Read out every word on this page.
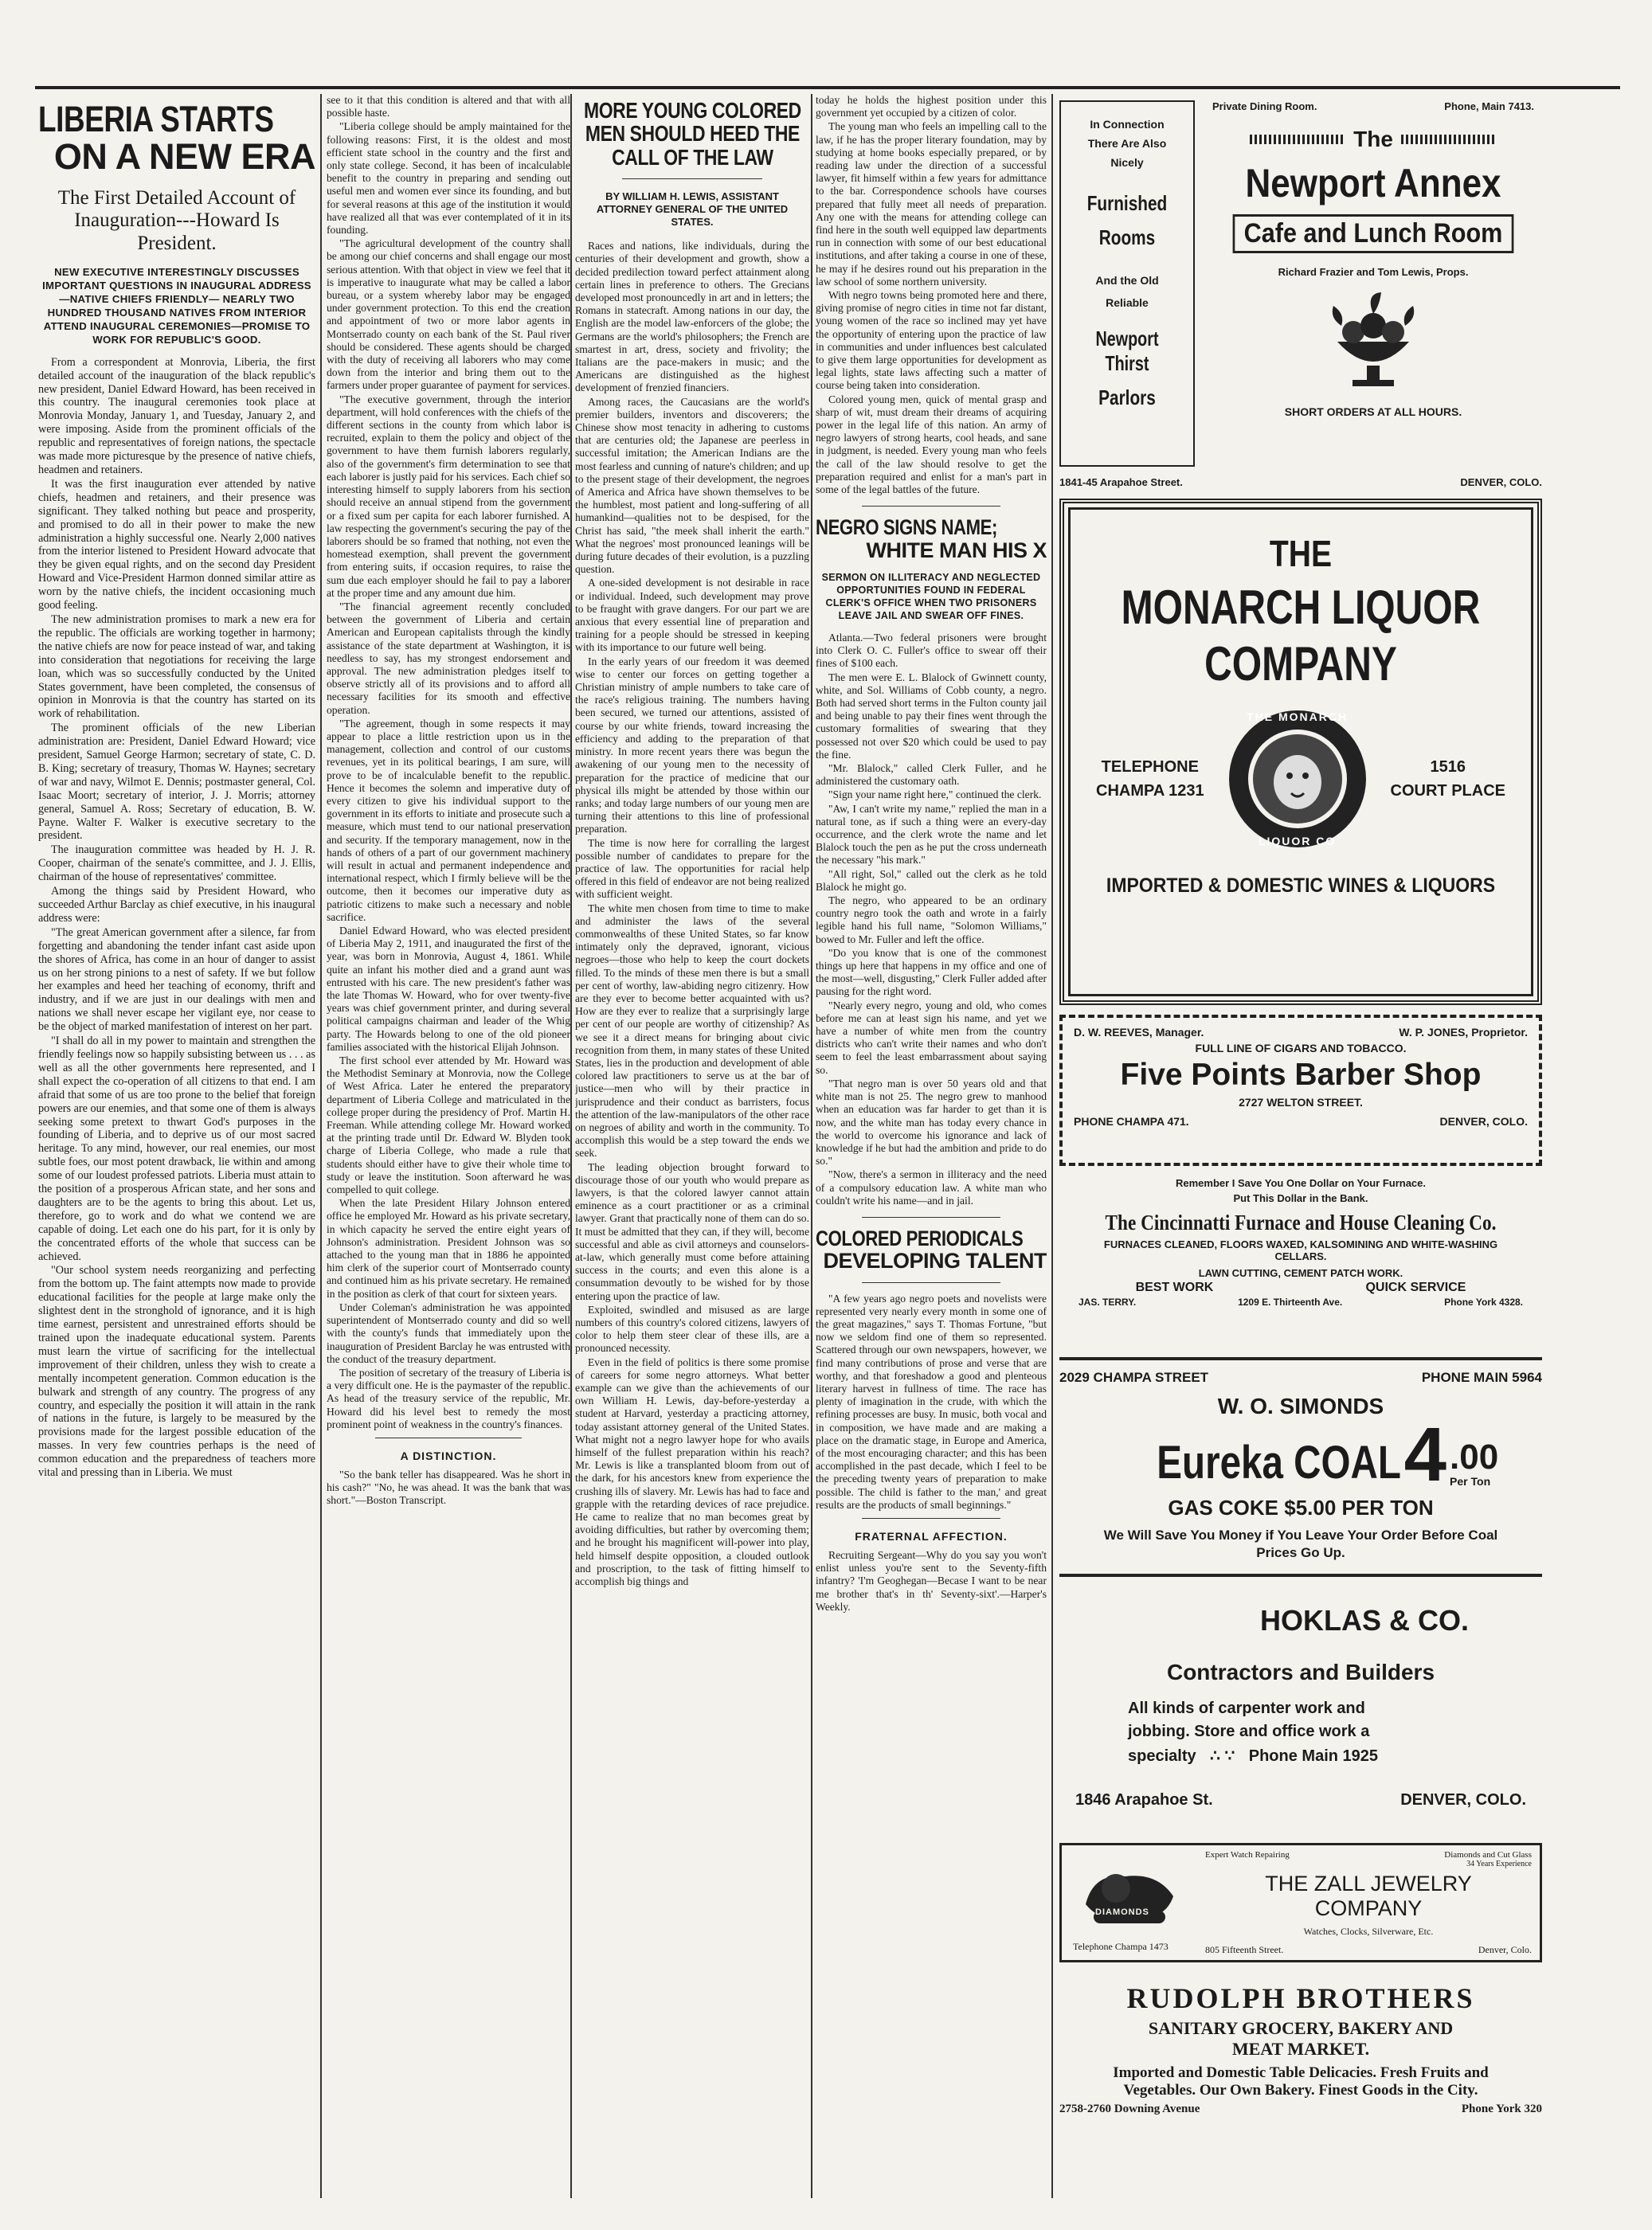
LIBERIA STARTS
ON A NEW ERA
The First Detailed Account of Inauguration---Howard Is President.
NEW EXECUTIVE INTERESTINGLY DISCUSSES IMPORTANT QUESTIONS IN INAUGURAL ADDRESS —NATIVE CHIEFS FRIENDLY— NEARLY TWO HUNDRED THOUSAND NATIVES FROM INTERIOR ATTEND INAUGURAL CEREMONIES—PROMISE TO WORK FOR REPUBLIC'S GOOD.

From a correspondent at Monrovia, Liberia, the first detailed account of the inauguration of the black republic's new president, Daniel Edward Howard, has been received in this country. The inaugural ceremonies took place at Monrovia Monday, January 1, and Tuesday, January 2, and were imposing. Aside from the prominent officials of the republic and representatives of foreign nations, the spectacle was made more picturesque by the presence of native chiefs, headmen and retainers.

It was the first inauguration ever attended by native chiefs, headmen and retainers, and their presence was significant. They talked nothing but peace and prosperity, and promised to do all in their power to make the new administration a highly successful one. Nearly 2,000 natives from the interior listened to President Howard advocate that they be given equal rights, and on the second day President Howard and Vice-President Harmon donned similar attire as worn by the native chiefs, the incident occasioning much good feeling.

The new administration promises to mark a new era for the republic. The officials are working together in harmony; the native chiefs are now for peace instead of war, and taking into consideration that negotiations for receiving the large loan, which was so successfully conducted by the United States government, have been completed, the consensus of opinion in Monrovia is that the country has started on its work of rehabilitation.

The prominent officials of the new Liberian administration are: President, Daniel Edward Howard; vice president, Samuel George Harmon; secretary of state, C. D. B. King; secretary of treasury, Thomas W. Haynes; secretary of war and navy, Wilmot E. Dennis; postmaster general, Col. Isaac Moort; secretary of interior, J. J. Morris; attorney general, Samuel A. Ross; Secretary of education, B. W. Payne. Walter F. Walker is executive secretary to the president.

The inauguration committee was headed by H. J. R. Cooper, chairman of the senate's committee, and J. J. Ellis, chairman of the house of representatives' committee.

Among the things said by President Howard, who succeeded Arthur Barclay as chief executive, in his inaugural address were:

"The great American government after a silence, far from forgetting and abandoning the tender infant cast aside upon the shores of Africa, has come in an hour of danger to assist us on her strong pinions to a nest of safety. If we but follow her examples and heed her teaching of economy, thrift and industry, and if we are just in our dealings with men and nations we shall never escape her vigilant eye, nor cease to be the object of marked manifestation of interest on her part.

"I shall do all in my power to maintain and strengthen the friendly feelings now so happily subsisting between us . . . as well as all the other governments here represented, and I shall expect the co-operation of all citizens to that end. I am afraid that some of us are too prone to the belief that foreign powers are our enemies, and that some one of them is always seeking some pretext to thwart God's purposes in the founding of Liberia, and to deprive us of our most sacred heritage. To any mind, however, our real enemies, our most subtle foes, our most potent drawback, lie within and among some of our loudest professed patriots. Liberia must attain to the position of a prosperous African state, and her sons and daughters are to be the agents to bring this about. Let us, therefore, go to work and do what we contend we are capable of doing. Let each one do his part, for it is only by the concentrated efforts of the whole that success can be achieved.

"Our school system needs reorganizing and perfecting from the bottom up. The faint attempts now made to provide educational facilities for the people at large make only the slightest dent in the stronghold of ignorance, and it is high time earnest, persistent and unrestrained efforts should be trained upon the inadequate educational system. Parents must learn the virtue of sacrificing for the intellectual improvement of their children, unless they wish to create a mentally incompetent generation. Common education is the bulwark and strength of any country. The progress of any country, and especially the position it will attain in the rank of nations in the future, is largely to be measured by the provisions made for the largest possible education of the masses. In very few countries perhaps is the need of common education and the preparedness of teachers more vital and pressing than in Liberia. We must

see to it that this condition is altered and that with all possible haste.

"Liberia college should be amply maintained for the following reasons: First, it is the oldest and most efficient state school in the country and the first and only state college. Second, it has been of incalculable benefit to the country in preparing and sending out useful men and women ever since its founding, and but for several reasons at this age of the institution it would have realized all that was ever contemplated of it in its founding.

"The agricultural development of the country shall be among our chief concerns and shall engage our most serious attention. With that object in view we feel that it is imperative to inaugurate what may be called a labor bureau, or a system whereby labor may be engaged under government protection. To this end the creation and appointment of two or more labor agents in Montserrado county on each bank of the St. Paul river should be considered. These agents should be charged with the duty of receiving all laborers who may come down from the interior and bring them out to the farmers under proper guarantee of payment for services.

"The executive government, through the interior department, will hold conferences with the chiefs of the different sections in the county from which labor is recruited, explain to them the policy and object of the government to have them furnish laborers regularly, also of the government's firm determination to see that each laborer is justly paid for his services. Each chief so interesting himself to supply laborers from his section should receive an annual stipend from the government or a fixed sum per capita for each laborer furnished. A law respecting the government's securing the pay of the laborers should be so framed that nothing, not even the homestead exemption, shall prevent the government from entering suits, if occasion requires, to raise the sum due each employer should he fail to pay a laborer at the proper time and any amount due him.

"The financial agreement recently concluded between the government of Liberia and certain American and European capitalists through the kindly assistance of the state department at Washington, it is needless to say, has my strongest endorsement and approval. The new administration pledges itself to observe strictly all of its provisions and to afford all necessary facilities for its smooth and effective operation.

"The agreement, though in some respects it may appear to place a little restriction upon us in the management, collection and control of our customs revenues, yet in its political bearings, I am sure, will prove to be of incalculable benefit to the republic. Hence it becomes the solemn and imperative duty of every citizen to give his individual support to the government in its efforts to initiate and prosecute such a measure, which must tend to our national preservation and security. If the temporary management, now in the hands of others of a part of our government machinery will result in actual and permanent independence and international respect, which I firmly believe will be the outcome, then it becomes our imperative duty as patriotic citizens to make such a necessary and noble sacrifice.

Daniel Edward Howard, who was elected president of Liberia May 2, 1911, and inaugurated the first of the year, was born in Monrovia, August 4, 1861. While quite an infant his mother died and a grand aunt was entrusted with his care. The new president's father was the late Thomas W. Howard, who for over twenty-five years was chief government printer, and during several political campaigns chairman and leader of the Whig party. The Howards belong to one of the old pioneer families associated with the historical Elijah Johnson.

The first school ever attended by Mr. Howard was the Methodist Seminary at Monrovia, now the College of West Africa. Later he entered the preparatory department of Liberia College and matriculated in the college proper during the presidency of Prof. Martin H. Freeman. While attending college Mr. Howard worked at the printing trade until Dr. Edward W. Blyden took charge of Liberia College, who made a rule that students should either have to give their whole time to study or leave the institution. Soon afterward he was compelled to quit college.

When the late President Hilary Johnson entered office he employed Mr. Howard as his private secretary, in which capacity he served the entire eight years of Johnson's administration. President Johnson was so attached to the young man that in 1886 he appointed him clerk of the superior court of Montserrado county and continued him as his private secretary. He remained in the position as clerk of that court for sixteen years.

Under Coleman's administration he was appointed superintendent of Montserrado county and did so well with the county's funds that immediately upon the inauguration of President Barclay he was entrusted with the conduct of the treasury department.

The position of secretary of the treasury of Liberia is a very difficult one. He is the paymaster of the republic. As head of the treasury service of the republic, Mr. Howard did his level best to remedy the most prominent point of weakness in the country's finances.

A DISTINCTION.

"So the bank teller has disappeared. Was he short in his cash?" "No, he was ahead. It was the bank that was short."—Boston Transcript.

MORE YOUNG COLORED MEN SHOULD HEED THE CALL OF THE LAW
BY WILLIAM H. LEWIS, ASSISTANT ATTORNEY GENERAL OF THE UNITED STATES.

Races and nations, like individuals, during the centuries of their development and growth, show a decided predilection toward perfect attainment along certain lines in preference to others. The Grecians developed most pronouncedly in art and in letters; the Romans in statecraft. Among nations in our day, the English are the model law-enforcers of the globe; the Germans are the world's philosophers; the French are smartest in art, dress, society and frivolity; the Italians are the pace-makers in music; and the Americans are distinguished as the highest development of frenzied financiers.

Among races, the Caucasians are the world's premier builders, inventors and discoverers; the Chinese show most tenacity in adhering to customs that are centuries old; the Japanese are peerless in successful imitation; the American Indians are the most fearless and cunning of nature's children; and up to the present stage of their development, the negroes of America and Africa have shown themselves to be the humblest, most patient and long-suffering of all humankind—qualities not to be despised, for the Christ has said, "the meek shall inherit the earth." What the negroes' most pronounced leanings will be during future decades of their evolution, is a puzzling question.

A one-sided development is not desirable in race or individual. Indeed, such development may prove to be fraught with grave dangers. For our part we are anxious that every essential line of preparation and training for a people should be stressed in keeping with its importance to our future well being.

In the early years of our freedom it was deemed wise to center our forces on getting together a Christian ministry of ample numbers to take care of the race's religious training. The numbers having been secured, we turned our attentions, assisted of course by our white friends, toward increasing the efficiency and adding to the preparation of that ministry. In more recent years there was begun the awakening of our young men to the necessity of preparation for the practice of medicine that our physical ills might be attended by those within our ranks; and today large numbers of our young men are turning their attentions to this line of professional preparation.

The time is now here for corralling the largest possible number of candidates to prepare for the practice of law. The opportunities for racial help offered in this field of endeavor are not being realized with sufficient weight.

The white men chosen from time to time to make and administer the laws of the several commonwealths of these United States, so far know intimately only the depraved, ignorant, vicious negroes—those who help to keep the court dockets filled. To the minds of these men there is but a small per cent of worthy, law-abiding negro citizenry. How are they ever to become better acquainted with us? How are they ever to realize that a surprisingly large per cent of our people are worthy of citizenship? As we see it a direct means for bringing about civic recognition from them, in many states of these United States, lies in the production and development of able colored law practitioners to serve us at the bar of justice—men who will by their practice in jurisprudence and their conduct as barristers, focus the attention of the law-manipulators of the other race on negroes of ability and worth in the community. To accomplish this would be a step toward the ends we seek.

The leading objection brought forward to discourage those of our youth who would prepare as lawyers, is that the colored lawyer cannot attain eminence as a court practitioner or as a criminal lawyer. Grant that practically none of them can do so. It must be admitted that they can, if they will, become successful and able as civil attorneys and counselors-at-law, which generally must come before attaining success in the courts; and even this alone is a consummation devoutly to be wished for by those entering upon the practice of law.

Exploited, swindled and misused as are large numbers of this country's colored citizens, lawyers of color to help them steer clear of these ills, are a pronounced necessity.

Even in the field of politics is there some promise of careers for some negro attorneys. What better example can we give than the achievements of our own William H. Lewis, day-before-yesterday a student at Harvard, yesterday a practicing attorney, today assistant attorney general of the United States. What might not a negro lawyer hope for who avails himself of the fullest preparation within his reach? Mr. Lewis is like a transplanted bloom from out of the dark, for his ancestors knew from experience the crushing ills of slavery. Mr. Lewis has had to face and grapple with the retarding devices of race prejudice. He came to realize that no man becomes great by avoiding difficulties, but rather by overcoming them; and he brought his magnificent will-power into play, held himself despite opposition, a clouded outlook and proscription, to the task of fitting himself to accomplish big things and

today he holds the highest position under this government yet occupied by a citizen of color.

The young man who feels an impelling call to the law, if he has the proper literary foundation, may by studying at home books especially prepared, or by reading law under the direction of a successful lawyer, fit himself within a few years for admittance to the bar. Correspondence schools have courses prepared that fully meet all needs of preparation. Any one with the means for attending college can find here in the south well equipped law departments run in connection with some of our best educational institutions, and after taking a course in one of these, he may if he desires round out his preparation in the law school of some northern university.

With negro towns being promoted here and there, giving promise of negro cities in time not far distant, young women of the race so inclined may yet have the opportunity of entering upon the practice of law in communities and under influences best calculated to give them large opportunities for development as legal lights, state laws affecting such a matter of course being taken into consideration.

Colored young men, quick of mental grasp and sharp of wit, must dream their dreams of acquiring power in the legal life of this nation. An army of negro lawyers of strong hearts, cool heads, and sane in judgment, is needed. Every young man who feels the call of the law should resolve to get the preparation required and enlist for a man's part in some of the legal battles of the future.

NEGRO SIGNS NAME;
WHITE MAN HIS X
SERMON ON ILLITERACY AND NEGLECTED OPPORTUNITIES FOUND IN FEDERAL CLERK'S OFFICE WHEN TWO PRISONERS LEAVE JAIL AND SWEAR OFF FINES.

Atlanta.—Two federal prisoners were brought into Clerk O. C. Fuller's office to swear off their fines of $100 each.

The men were E. L. Blalock of Gwinnett county, white, and Sol. Williams of Cobb county, a negro. Both had served short terms in the Fulton county jail and being unable to pay their fines went through the customary formalities of swearing that they possessed not over $20 which could be used to pay the fine.

"Mr. Blalock," called Clerk Fuller, and he administered the customary oath.

"Sign your name right here," continued the clerk.

"Aw, I can't write my name," replied the man in a natural tone, as if such a thing were an every-day occurrence, and the clerk wrote the name and let Blalock touch the pen as he put the cross underneath the necessary "his mark."

"All right, Sol," called out the clerk as he told Blalock he might go.

The negro, who appeared to be an ordinary country negro took the oath and wrote in a fairly legible hand his full name, "Solomon Williams," bowed to Mr. Fuller and left the office.

"Do you know that is one of the commonest things up here that happens in my office and one of the most—well, disgusting," Clerk Fuller added after pausing for the right word.

"Nearly every negro, young and old, who comes before me can at least sign his name, and yet we have a number of white men from the country districts who can't write their names and who don't seem to feel the least embarrassment about saying so.

"That negro man is over 50 years old and that white man is not 25. The negro grew to manhood when an education was far harder to get than it is now, and the white man has today every chance in the world to overcome his ignorance and lack of knowledge if he but had the ambition and pride to do so."

"Now, there's a sermon in illiteracy and the need of a compulsory education law. A white man who couldn't write his name—and in jail.

COLORED PERIODICALS
DEVELOPING TALENT

"A few years ago negro poets and novelists were represented very nearly every month in some one of the great magazines," says T. Thomas Fortune, "but now we seldom find one of them so represented. Scattered through our own newspapers, however, we find many contributions of prose and verse that are worthy, and that foreshadow a good and plenteous literary harvest in fullness of time. The race has plenty of imagination in the crude, with which the refining processes are busy. In music, both vocal and in composition, we have made and are making a place on the dramatic stage, in Europe and America, of the most encouraging character; and this has been accomplished in the past decade, which I feel to be the preceding twenty years of preparation to make possible. The child is father to the man,' and great results are the products of small beginnings."

FRATERNAL AFFECTION.

Recruiting Sergeant—Why do you say you won't enlist unless you're sent to the Seventy-fifth infantry? 'I'm Geoghegan—Becase I want to be near me brother that's in th' Seventy-sixt'.—Harper's Weekly.

In Connection
There Are Also
Nicely
Furnished
Rooms
And the Old
Reliable
Newport Thirst
Parlors
Private Dining Room.	Phone, Main 7413.
The
Newport Annex
Cafe and Lunch Room
Richard Frazier and Tom Lewis, Props.
SHORT ORDERS AT ALL HOURS.
1841-45 Arapahoe Street.	DENVER, COLO.
THE
MONARCH LIQUOR
COMPANY
TELEPHONE
CHAMPA 1231
THE MONARCH
LIQUOR CO
1516
COURT PLACE
IMPORTED & DOMESTIC WINES & LIQUORS
D. W. REEVES, Manager.	W. P. JONES, Proprietor.
FULL LINE OF CIGARS AND TOBACCO.
Five Points Barber Shop
2727 WELTON STREET.
PHONE CHAMPA 471.	DENVER, COLO.
Remember I Save You One Dollar on Your Furnace.
Put This Dollar in the Bank.
The Cincinnatti Furnace and House Cleaning Co.
FURNACES CLEANED, FLOORS WAXED, KALSOMINING AND WHITE-WASHING CELLARS.
LAWN CUTTING, CEMENT PATCH WORK.
BEST WORK	QUICK SERVICE
JAS. TERRY.	1209 E. Thirteenth Ave.	Phone York 4328.
2029 CHAMPA STREET	PHONE MAIN 5964
W. O. SIMONDS
Eureka COAL 4 .00
Per Ton
GAS COKE $5.00 PER TON
We Will Save You Money if You Leave Your Order Before Coal Prices Go Up.
HOKLAS & CO.
Contractors and Builders
All kinds of carpenter work and
jobbing. Store and office work a
specialty ∴ ∵ Phone Main 1925
1846 Arapahoe St.	DENVER, COLO.
DIAMONDS
Telephone Champa 1473
Expert Watch Repairing	Diamonds and Cut Glass
34 Years Experience
THE ZALL JEWELRY
COMPANY
Watches, Clocks, Silverware, Etc.
805 Fifteenth Street.	Denver, Colo.
RUDOLPH BROTHERS
SANITARY GROCERY, BAKERY AND
MEAT MARKET.
Imported and Domestic Table Delicacies. Fresh Fruits and
Vegetables. Our Own Bakery. Finest Goods in the City.
2758-2760 Downing Avenue	Phone York 320
